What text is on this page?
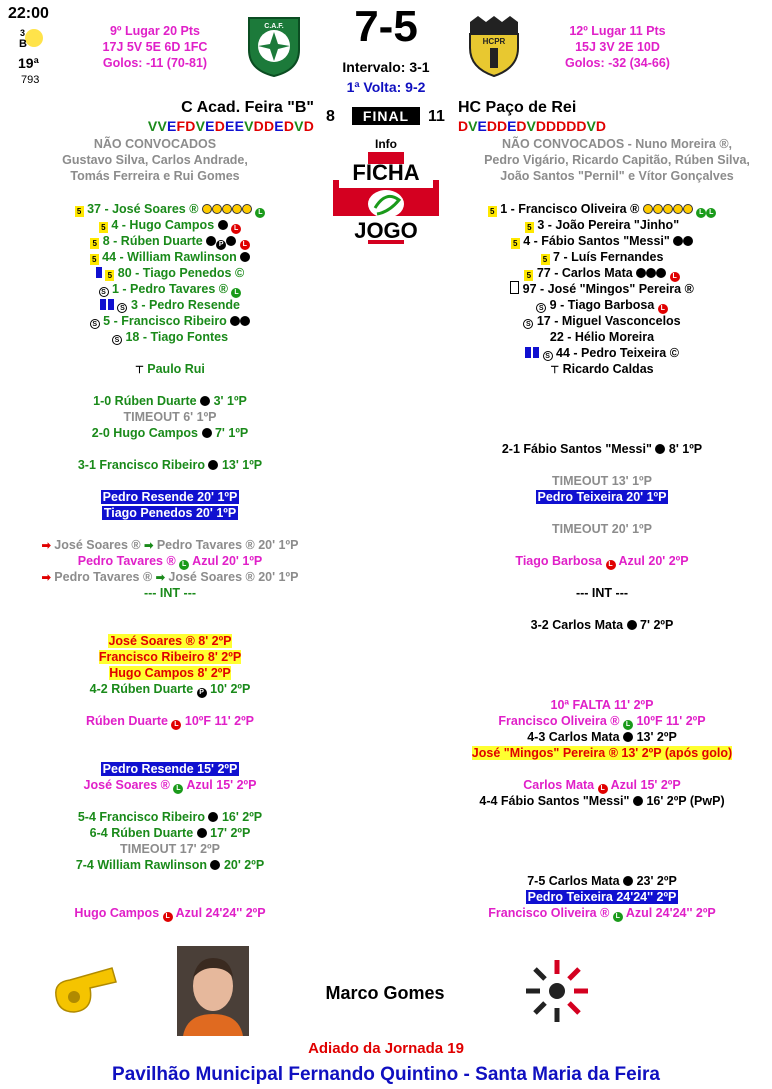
22:00
3
B
19ª
793
9º Lugar 20 Pts
17J 5V 5E 6D 1FC
Golos: -11 (70-81)
C.A.F.	7-5
Intervalo: 3-1
1ª Volta: 9-2
HCPR
12º Lugar 11 Pts
15J 3V 2E 10D
Golos: -32 (34-66)
C Acad. Feira "B"
VVEFDVEDEEVDDEDVD
8	FINAL	11
HC Paço de Rei
DVEDDEDVDDDDDVD
NÃO CONVOCADOS
Gustavo Silva, Carlos Andrade,
Tomás Ferreira e Rui Gomes
Info
FICHA
JOGO
NÃO CONVOCADOS - Nuno Moreira ®,
Pedro Vigário, Ricardo Capitão, Rúben Silva,
João Santos "Pernil" e Vítor Gonçalves
5 37 - José Soares ®	L
5 4 - Hugo Campos	L
5 8 - Rúben Duarte P	L
5 44 - William Rawlinson
5 80 - Tiago Penedos ©
S 1 - Pedro Tavares ® L
S 3 - Pedro Resende
S 5 - Francisco Ribeiro
S 18 - Tiago Fontes
⊤ Paulo Rui
5 1 - Francisco Oliveira ®	L L
5 3 - João Pereira "Jinho"
5 4 - Fábio Santos "Messi"
5 7 - Luís Fernandes
5 77 - Carlos Mata	L
97 - José "Mingos" Pereira ®
S 9 - Tiago Barbosa L
S 17 - Miguel Vasconcelos
22 - Hélio Moreira
S 44 - Pedro Teixeira ©
⊤ Ricardo Caldas
1-0 Rúben Duarte 3' 1ºP
TIMEOUT 6' 1ºP
2-0 Hugo Campos 7' 1ºP
3-1 Francisco Ribeiro 13' 1ºP
Pedro Resende 20' 1ºP
Tiago Penedos 20' 1ºP
➡ José Soares ® ➡ Pedro Tavares ® 20' 1ºP
Pedro Tavares ® L Azul 20' 1ºP
➡ Pedro Tavares ® ➡ José Soares ® 20' 1ºP
--- INT ---
José Soares ® 8' 2ºP
Francisco Ribeiro 8' 2ºP
Hugo Campos 8' 2ºP
4-2 Rúben Duarte P 10' 2ºP
Rúben Duarte L 10ºF 11' 2ºP
Pedro Resende 15' 2ºP
José Soares ® L Azul 15' 2ºP
5-4 Francisco Ribeiro 16' 2ºP
6-4 Rúben Duarte 17' 2ºP
TIMEOUT 17' 2ºP
7-4 William Rawlinson 20' 2ºP
Hugo Campos L Azul 24'24'' 2ºP
2-1 Fábio Santos "Messi" 8' 1ºP
TIMEOUT 13' 1ºP
Pedro Teixeira 20' 1ºP
TIMEOUT 20' 1ºP
Tiago Barbosa L Azul 20' 2ºP
--- INT ---
3-2 Carlos Mata 7' 2ºP
10ª FALTA 11' 2ºP
Francisco Oliveira ® L 10ºF 11' 2ºP
4-3 Carlos Mata 13' 2ºP
José "Mingos" Pereira ® 13' 2ºP (após golo)
Carlos Mata L Azul 15' 2ºP
4-4 Fábio Santos "Messi" 16' 2ºP (PwP)
7-5 Carlos Mata 23' 2ºP
Pedro Teixeira 24'24'' 2ºP
Francisco Oliveira ® L Azul 24'24'' 2ºP
Marco Gomes
Adiado da Jornada 19
Pavilhão Municipal Fernando Quintino - Santa Maria da Feira
